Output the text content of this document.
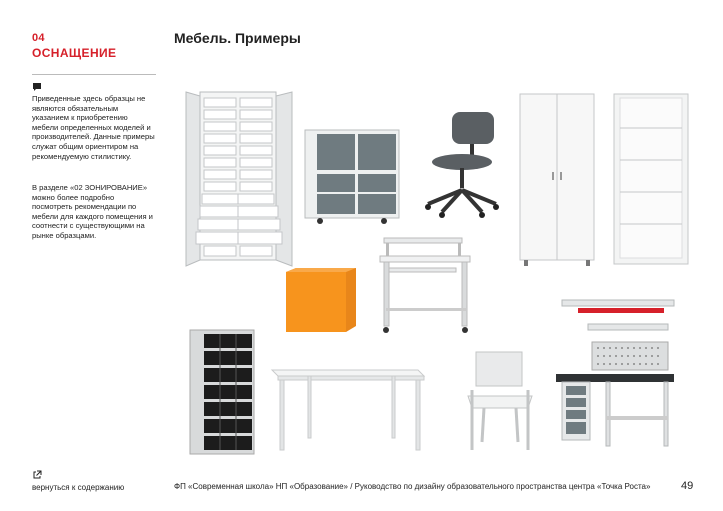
04
ОСНАЩЕНИЕ
Мебель. Примеры

Приведенные здесь образцы не являются обязательным указанием к приобретению мебели определенных моделей и производителей. Данные примеры служат общим ориентиром на рекомендуемую стилистику.

В разделе «02 ЗОНИРОВАНИЕ» можно более подробно посмотреть рекомендации по мебели для каждого помещения и соотнести с существующими на рынке образцами.

вернуться к содержанию	ФП «Современная школа» НП «Образование» / Руководство по дизайну образовательного пространства центра «Точка Роста»	49
